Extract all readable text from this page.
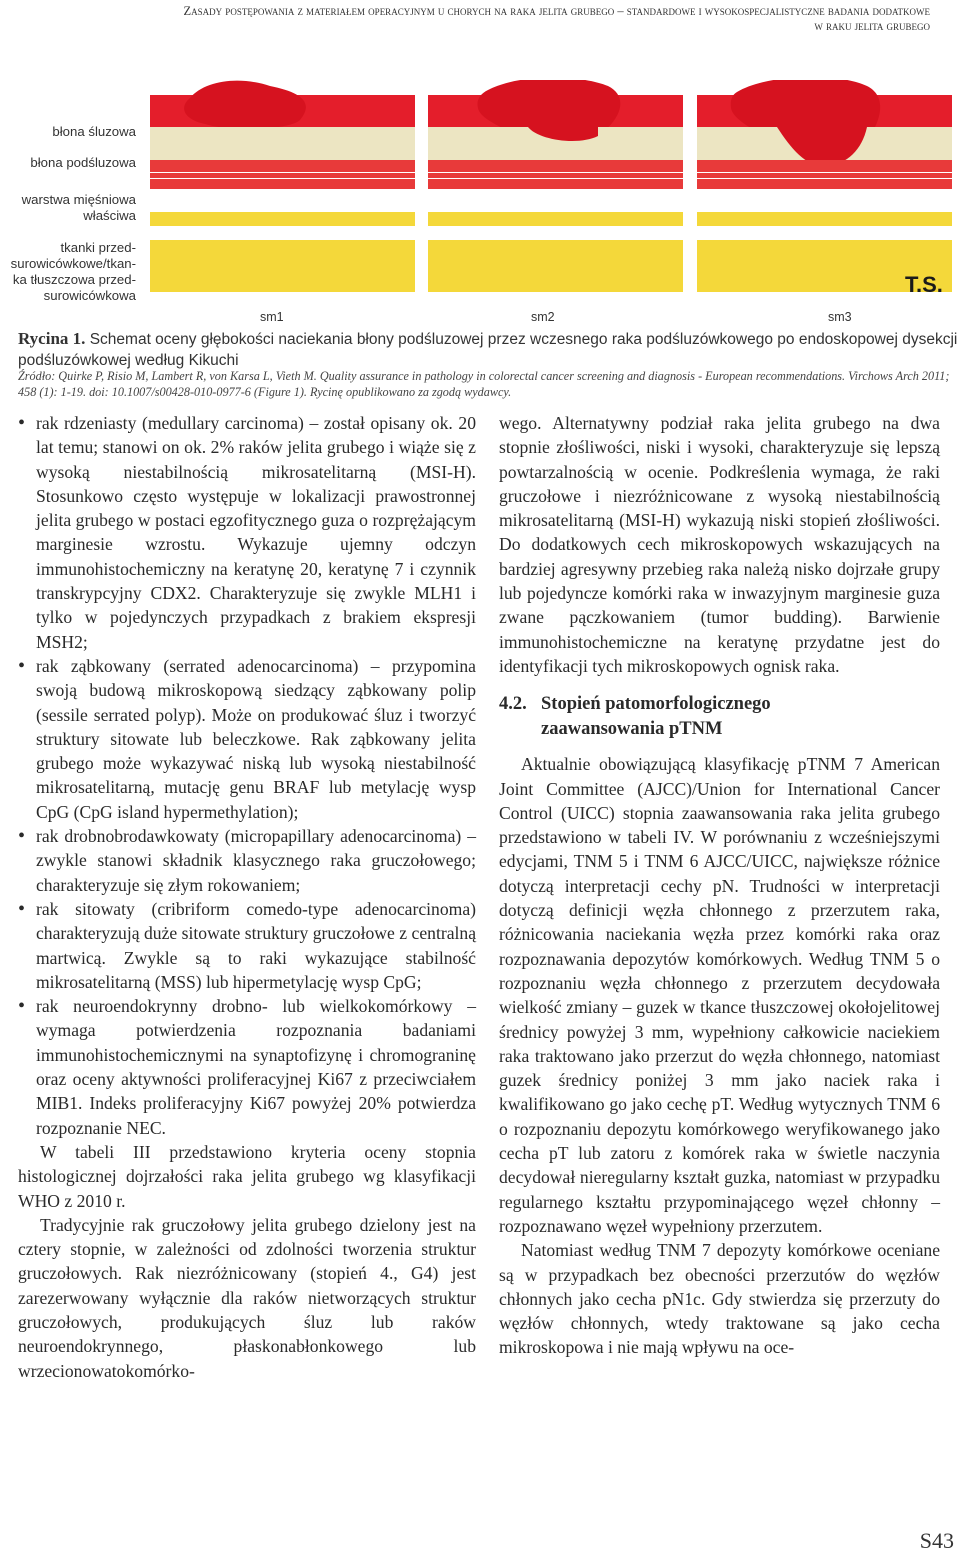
Zasady postępowania z materiałem operacyjnym u chorych na raka jelita grubego – standardowe i wysokospecjalistyczne badania dodatkowe
w raku jelita grubego
błona śluzowa
błona podśluzowa
warstwa mięśniowa właściwa
tkanki przed-surowicówkowe/tkan-ka tłuszczowa przed-surowicówkowa	T.S.
sm1	sm2	sm3
Rycina 1. Schemat oceny głębokości naciekania błony podśluzowej przez wczesnego raka podśluzówkowego po endoskopowej dysekcji podśluzówkowej według Kikuchi
Źródło: Quirke P, Risio M, Lambert R, von Karsa L, Vieth M. Quality assurance in pathology in colorectal cancer screening and diagnosis - European recommendations. Virchows Arch 2011; 458 (1): 1-19. doi: 10.1007/s00428-010-0977-6 (Figure 1). Rycinę opublikowano za zgodą wydawcy.

• rak rdzeniasty (medullary carcinoma) – został opisany ok. 20 lat temu; stanowi on ok. 2% raków jelita grubego i wiąże się z wysoką niestabilnością mikrosatelitarną (MSI-H). Stosunkowo często występuje w lokalizacji prawostronnej jelita grubego w postaci egzofitycznego guza o rozprężającym marginesie wzrostu. Wykazuje ujemny odczyn immunohistochemiczny na keratynę 20, keratynę 7 i czynnik transkrypcyjny CDX2. Charakteryzuje się zwykle MLH1 i tylko w pojedynczych przypadkach z brakiem ekspresji MSH2;

• rak ząbkowany (serrated adenocarcinoma) – przypomina swoją budową mikroskopową siedzący ząbkowany polip (sessile serrated polyp). Może on produkować śluz i tworzyć struktury sitowate lub beleczkowe. Rak ząbkowany jelita grubego może wykazywać niską lub wysoką niestabilność mikrosatelitarną, mutację genu BRAF lub metylację wysp CpG (CpG island hypermethylation);

• rak drobnobrodawkowaty (micropapillary adenocarcinoma) – zwykle stanowi składnik klasycznego raka gruczołowego; charakteryzuje się złym rokowaniem;

• rak sitowaty (cribriform comedo-type adenocarcinoma) charakteryzują duże sitowate struktury gruczołowe z centralną martwicą. Zwykle są to raki wykazujące stabilność mikrosatelitarną (MSS) lub hipermetylację wysp CpG;

• rak neuroendokrynny drobno- lub wielkokomórkowy – wymaga potwierdzenia rozpoznania badaniami immunohistochemicznymi na synaptofizynę i chromograninę oraz oceny aktywności proliferacyjnej Ki67 z przeciwciałem MIB1. Indeks proliferacyjny Ki67 powyżej 20% potwierdza rozpoznanie NEC.

W tabeli III przedstawiono kryteria oceny stopnia histologicznej dojrzałości raka jelita grubego wg klasyfikacji WHO z 2010 r.

Tradycyjnie rak gruczołowy jelita grubego dzielony jest na cztery stopnie, w zależności od zdolności tworzenia struktur gruczołowych. Rak niezróżnicowany (stopień 4., G4) jest zarezerwowany wyłącznie dla raków nietworzących struktur gruczołowych, produkujących śluz lub raków neuroendokrynnego, płaskonabłonkowego lub wrzecionowatokomórko-

wego. Alternatywny podział raka jelita grubego na dwa stopnie złośliwości, niski i wysoki, charakteryzuje się lepszą powtarzalnością w ocenie. Podkreślenia wymaga, że raki gruczołowe i niezróżnicowane z wysoką niestabilnością mikrosatelitarną (MSI-H) wykazują niski stopień złośliwości. Do dodatkowych cech mikroskopowych wskazujących na bardziej agresywny przebieg raka należą nisko dojrzałe grupy lub pojedyncze komórki raka w inwazyjnym marginesie guza zwane pączkowaniem (tumor budding). Barwienie immunohistochemiczne na keratynę przydatne jest do identyfikacji tych mikroskopowych ognisk raka.

4.2. Stopień patomorfologicznego
zaawansowania pTNM

Aktualnie obowiązującą klasyfikację pTNM 7 American Joint Committee (AJCC)/Union for International Cancer Control (UICC) stopnia zaawansowania raka jelita grubego przedstawiono w tabeli IV. W porównaniu z wcześniejszymi edycjami, TNM 5 i TNM 6 AJCC/UICC, największe różnice dotyczą interpretacji cechy pN. Trudności w interpretacji dotyczą definicji węzła chłonnego z przerzutem raka, różnicowania naciekania węzła przez komórki raka oraz rozpoznawania depozytów komórkowych. Według TNM 5 o rozpoznaniu węzła chłonnego z przerzutem decydowała wielkość zmiany – guzek w tkance tłuszczowej okołojelitowej średnicy powyżej 3 mm, wypełniony całkowicie naciekiem raka traktowano jako przerzut do węzła chłonnego, natomiast guzek średnicy poniżej 3 mm jako naciek raka i kwalifikowano go jako cechę pT. Według wytycznych TNM 6 o rozpoznaniu depozytu komórkowego weryfikowanego jako cecha pT lub zatoru z komórek raka w świetle naczynia decydował nieregularny kształt guzka, natomiast w przypadku regularnego kształtu przypominającego węzeł chłonny – rozpoznawano węzeł wypełniony przerzutem.

Natomiast według TNM 7 depozyty komórkowe oceniane są w przypadkach bez obecności przerzutów do węzłów chłonnych jako cecha pN1c. Gdy stwierdza się przerzuty do węzłów chłonnych, wtedy traktowane są jako cecha mikroskopowa i nie mają wpływu na oce-

S43
